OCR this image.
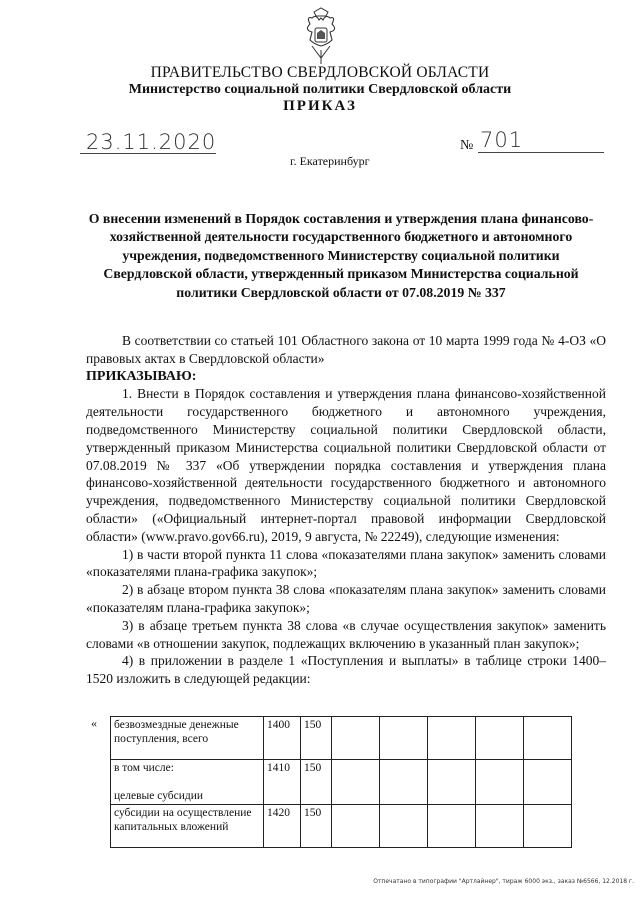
ПРАВИТЕЛЬСТВО СВЕРДЛОВСКОЙ ОБЛАСТИ
Министерство социальной политики Свердловской области
ПРИКАЗ
23.11.2020	№ 701
г. Екатеринбург
О внесении изменений в Порядок составления и утверждения плана финансово-хозяйственной деятельности государственного бюджетного и автономного учреждения, подведомственного Министерству социальной политики Свердловской области, утвержденный приказом Министерства социальной политики Свердловской области от 07.08.2019 № 337

В соответствии со статьей 101 Областного закона от 10 марта 1999 года № 4-ОЗ «О правовых актах в Свердловской области»

ПРИКАЗЫВАЮ:

1. Внести в Порядок составления и утверждения плана финансово-хозяйственной деятельности государственного бюджетного и автономного учреждения, подведомственного Министерству социальной политики Свердловской области, утвержденный приказом Министерства социальной политики Свердловской области от 07.08.2019 № 337 «Об утверждении порядка составления и утверждения плана финансово-хозяйственной деятельности государственного бюджетного и автономного учреждения, подведомственного Министерству социальной политики Свердловской области» («Официальный интернет-портал правовой информации Свердловской области» (www.pravo.gov66.ru), 2019, 9 августа, № 22249), следующие изменения:

1) в части второй пункта 11 слова «показателями плана закупок» заменить словами «показателями плана-графика закупок»;

2) в абзаце втором пункта 38 слова «показателям плана закупок» заменить словами «показателям плана-графика закупок»;

3) в абзаце третьем пункта 38 слова «в случае осуществления закупок» заменить словами «в отношении закупок, подлежащих включению в указанный план закупок»;

4) в приложении в разделе 1 «Поступления и выплаты» в таблице строки 1400–1520 изложить в следующей редакции:

« безвозмездные денежные поступления, всего	1400	150					
в том числе:
целевые субсидии	1410	150					
субсидии на осуществление капитальных вложений	1420	150					
Отпечатано в типографии "Артлайнер", тираж 6000 экз., заказ №6566, 12.2018 г.
